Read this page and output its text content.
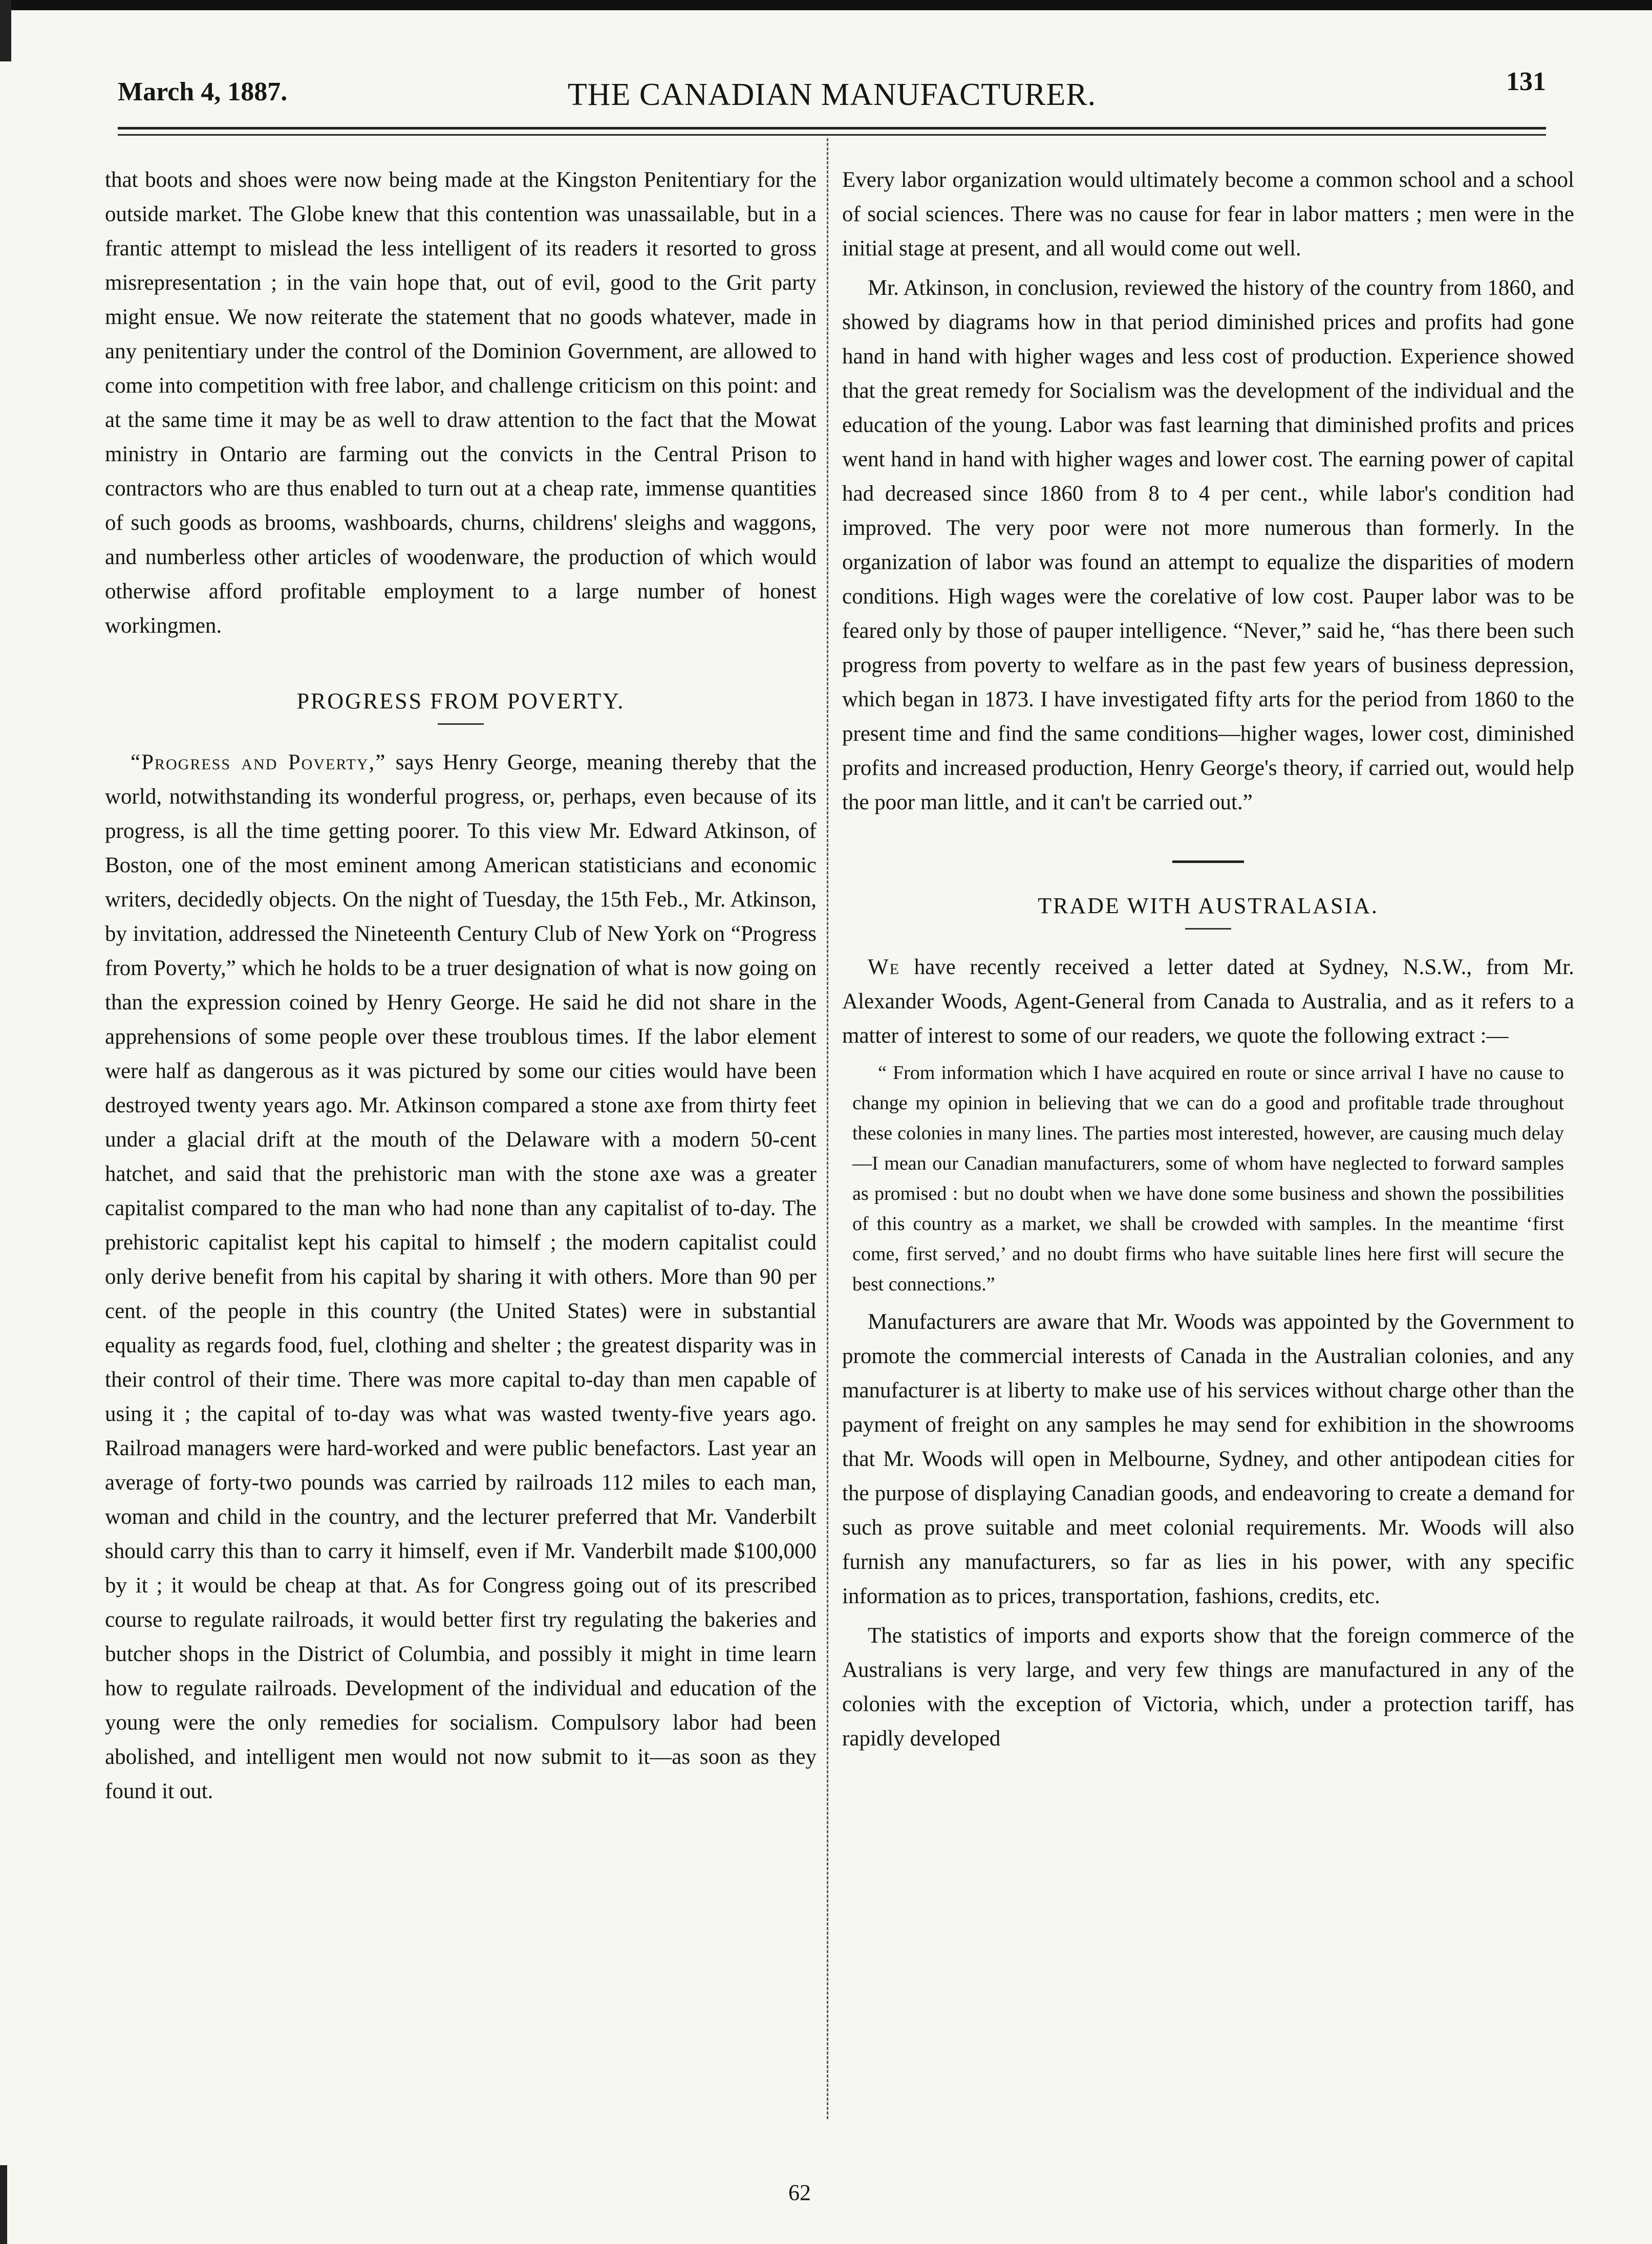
March 4, 1887.	THE CANADIAN MANUFACTURER.	131

that boots and shoes were now being made at the Kingston Penitentiary for the outside market. The Globe knew that this contention was unassailable, but in a frantic attempt to mislead the less intelligent of its readers it resorted to gross misrepresentation ; in the vain hope that, out of evil, good to the Grit party might ensue. We now reiterate the statement that no goods whatever, made in any penitentiary under the control of the Dominion Government, are allowed to come into competition with free labor, and challenge criticism on this point: and at the same time it may be as well to draw attention to the fact that the Mowat ministry in Ontario are farming out the convicts in the Central Prison to contractors who are thus enabled to turn out at a cheap rate, immense quantities of such goods as brooms, washboards, churns, childrens' sleighs and waggons, and numberless other articles of woodenware, the production of which would otherwise afford profitable employment to a large number of honest workingmen.

PROGRESS FROM POVERTY.

“Progress and Poverty,” says Henry George, meaning thereby that the world, notwithstanding its wonderful progress, or, perhaps, even because of its progress, is all the time getting poorer. To this view Mr. Edward Atkinson, of Boston, one of the most eminent among American statisticians and economic writers, decidedly objects. On the night of Tuesday, the 15th Feb., Mr. Atkinson, by invitation, addressed the Nineteenth Century Club of New York on “Progress from Poverty,” which he holds to be a truer designation of what is now going on than the expression coined by Henry George. He said he did not share in the apprehensions of some people over these troublous times. If the labor element were half as dangerous as it was pictured by some our cities would have been destroyed twenty years ago. Mr. Atkinson compared a stone axe from thirty feet under a glacial drift at the mouth of the Delaware with a modern 50-cent hatchet, and said that the prehistoric man with the stone axe was a greater capitalist compared to the man who had none than any capitalist of to-day. The prehistoric capitalist kept his capital to himself ; the modern capitalist could only derive benefit from his capital by sharing it with others. More than 90 per cent. of the people in this country (the United States) were in substantial equality as regards food, fuel, clothing and shelter ; the greatest disparity was in their control of their time. There was more capital to-day than men capable of using it ; the capital of to-day was what was wasted twenty-five years ago. Railroad managers were hard-worked and were public benefactors. Last year an average of forty-two pounds was carried by railroads 112 miles to each man, woman and child in the country, and the lecturer preferred that Mr. Vanderbilt should carry this than to carry it himself, even if Mr. Vanderbilt made $100,000 by it ; it would be cheap at that. As for Congress going out of its prescribed course to regulate railroads, it would better first try regulating the bakeries and butcher shops in the District of Columbia, and possibly it might in time learn how to regulate railroads. Development of the individual and education of the young were the only remedies for socialism. Compulsory labor had been abolished, and intelligent men would not now submit to it—as soon as they found it out.

Every labor organization would ultimately become a common school and a school of social sciences. There was no cause for fear in labor matters ; men were in the initial stage at present, and all would come out well.

Mr. Atkinson, in conclusion, reviewed the history of the country from 1860, and showed by diagrams how in that period diminished prices and profits had gone hand in hand with higher wages and less cost of production. Experience showed that the great remedy for Socialism was the development of the individual and the education of the young. Labor was fast learning that diminished profits and prices went hand in hand with higher wages and lower cost. The earning power of capital had decreased since 1860 from 8 to 4 per cent., while labor's condition had improved. The very poor were not more numerous than formerly. In the organization of labor was found an attempt to equalize the disparities of modern conditions. High wages were the corelative of low cost. Pauper labor was to be feared only by those of pauper intelligence. “Never,” said he, “has there been such progress from poverty to welfare as in the past few years of business depression, which began in 1873. I have investigated fifty arts for the period from 1860 to the present time and find the same conditions—higher wages, lower cost, diminished profits and increased production, Henry George's theory, if carried out, would help the poor man little, and it can't be carried out.”

TRADE WITH AUSTRALASIA.

We have recently received a letter dated at Sydney, N.S.W., from Mr. Alexander Woods, Agent-General from Canada to Australia, and as it refers to a matter of interest to some of our readers, we quote the following extract :—

“ From information which I have acquired en route or since arrival I have no cause to change my opinion in believing that we can do a good and profitable trade throughout these colonies in many lines. The parties most interested, however, are causing much delay—I mean our Canadian manufacturers, some of whom have neglected to forward samples as promised : but no doubt when we have done some business and shown the possibilities of this country as a market, we shall be crowded with samples. In the meantime ‘first come, first served,’ and no doubt firms who have suitable lines here first will secure the best connections.”

Manufacturers are aware that Mr. Woods was appointed by the Government to promote the commercial interests of Canada in the Australian colonies, and any manufacturer is at liberty to make use of his services without charge other than the payment of freight on any samples he may send for exhibition in the showrooms that Mr. Woods will open in Melbourne, Sydney, and other antipodean cities for the purpose of displaying Canadian goods, and endeavoring to create a demand for such as prove suitable and meet colonial requirements. Mr. Woods will also furnish any manufacturers, so far as lies in his power, with any specific information as to prices, transportation, fashions, credits, etc.

The statistics of imports and exports show that the foreign commerce of the Australians is very large, and very few things are manufactured in any of the colonies with the exception of Victoria, which, under a protection tariff, has rapidly developed

62
